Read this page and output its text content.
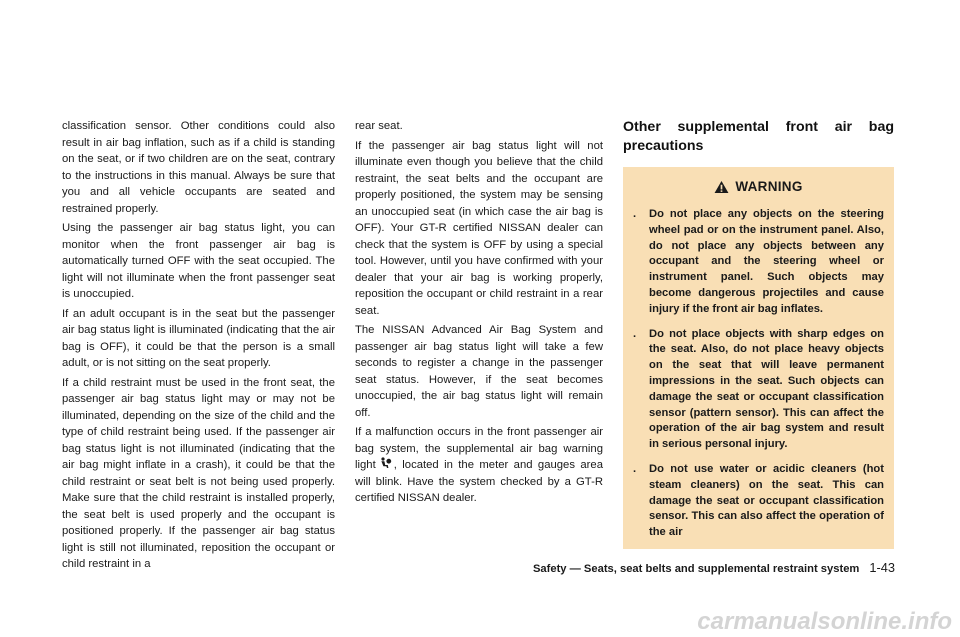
classification sensor. Other conditions could also result in air bag inflation, such as if a child is standing on the seat, or if two children are on the seat, contrary to the instructions in this manual. Always be sure that you and all vehicle occupants are seated and restrained properly.

Using the passenger air bag status light, you can monitor when the front passenger air bag is automatically turned OFF with the seat occupied. The light will not illuminate when the front passenger seat is unoccupied.

If an adult occupant is in the seat but the passenger air bag status light is illuminated (indicating that the air bag is OFF), it could be that the person is a small adult, or is not sitting on the seat properly.

If a child restraint must be used in the front seat, the passenger air bag status light may or may not be illuminated, depending on the size of the child and the type of child restraint being used. If the passenger air bag status light is not illuminated (indicating that the air bag might inflate in a crash), it could be that the child restraint or seat belt is not being used properly. Make sure that the child restraint is installed properly, the seat belt is used properly and the occupant is positioned properly. If the passenger air bag status light is still not illuminated, reposition the occupant or child restraint in a

rear seat.

If the passenger air bag status light will not illuminate even though you believe that the child restraint, the seat belts and the occupant are properly positioned, the system may be sensing an unoccupied seat (in which case the air bag is OFF). Your GT-R certified NISSAN dealer can check that the system is OFF by using a special tool. However, until you have confirmed with your dealer that your air bag is working properly, reposition the occupant or child restraint in a rear seat.

The NISSAN Advanced Air Bag System and passenger air bag status light will take a few seconds to register a change in the passenger seat status. However, if the seat becomes unoccupied, the air bag status light will remain off.

If a malfunction occurs in the front passenger air bag system, the supplemental air bag warning light , located in the meter and gauges area will blink. Have the system checked by a GT-R certified NISSAN dealer.

Other supplemental front air bag precautions
WARNING
. Do not place any objects on the steering wheel pad or on the instrument panel. Also, do not place any objects between any occupant and the steering wheel or instrument panel. Such objects may become dangerous projectiles and cause injury if the front air bag inflates.
. Do not place objects with sharp edges on the seat. Also, do not place heavy objects on the seat that will leave permanent impressions in the seat. Such objects can damage the seat or occupant classification sensor (pattern sensor). This can affect the operation of the air bag system and result in serious personal injury.
. Do not use water or acidic cleaners (hot steam cleaners) on the seat. This can damage the seat or occupant classification sensor. This can also affect the operation of the air
Safety — Seats, seat belts and supplemental restraint system 1-43
carmanualsonline.info
